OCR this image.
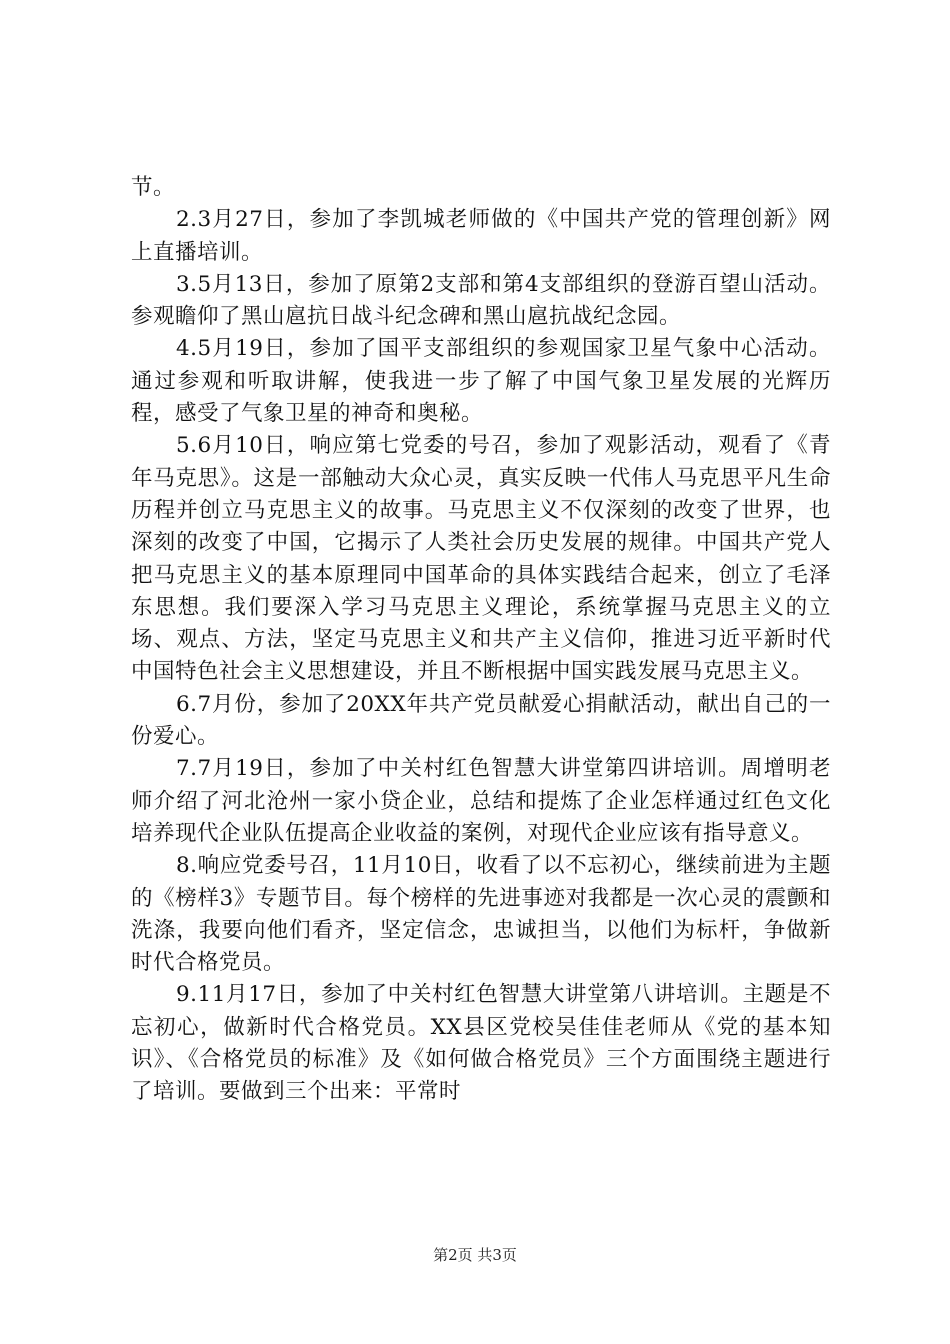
节。

2.3月27日，参加了李凯城老师做的《中国共产党的管理创新》网上直播培训。

3.5月13日，参加了原第2支部和第4支部组织的登游百望山活动。参观瞻仰了黑山扈抗日战斗纪念碑和黑山扈抗战纪念园。

4.5月19日，参加了国平支部组织的参观国家卫星气象中心活动。通过参观和听取讲解，使我进一步了解了中国气象卫星发展的光辉历程，感受了气象卫星的神奇和奥秘。

5.6月10日，响应第七党委的号召，参加了观影活动，观看了《青年马克思》。这是一部触动大众心灵，真实反映一代伟人马克思平凡生命历程并创立马克思主义的故事。马克思主义不仅深刻的改变了世界，也深刻的改变了中国，它揭示了人类社会历史发展的规律。中国共产党人把马克思主义的基本原理同中国革命的具体实践结合起来，创立了毛泽东思想。我们要深入学习马克思主义理论，系统掌握马克思主义的立场、观点、方法，坚定马克思主义和共产主义信仰，推进习近平新时代中国特色社会主义思想建设，并且不断根据中国实践发展马克思主义。

6.7月份，参加了20XX年共产党员献爱心捐献活动，献出自己的一份爱心。

7.7月19日，参加了中关村红色智慧大讲堂第四讲培训。周增明老师介绍了河北沧州一家小贷企业，总结和提炼了企业怎样通过红色文化培养现代企业队伍提高企业收益的案例，对现代企业应该有指导意义。

8.响应党委号召，11月10日，收看了以不忘初心，继续前进为主题的《榜样3》专题节目。每个榜样的先进事迹对我都是一次心灵的震颤和洗涤，我要向他们看齐，坚定信念，忠诚担当，以他们为标杆，争做新时代合格党员。

9.11月17日，参加了中关村红色智慧大讲堂第八讲培训。主题是不忘初心，做新时代合格党员。XX县区党校吴佳佳老师从《党的基本知识》、《合格党员的标准》及《如何做合格党员》三个方面围绕主题进行了培训。要做到三个出来：平常时

第2页 共3页
